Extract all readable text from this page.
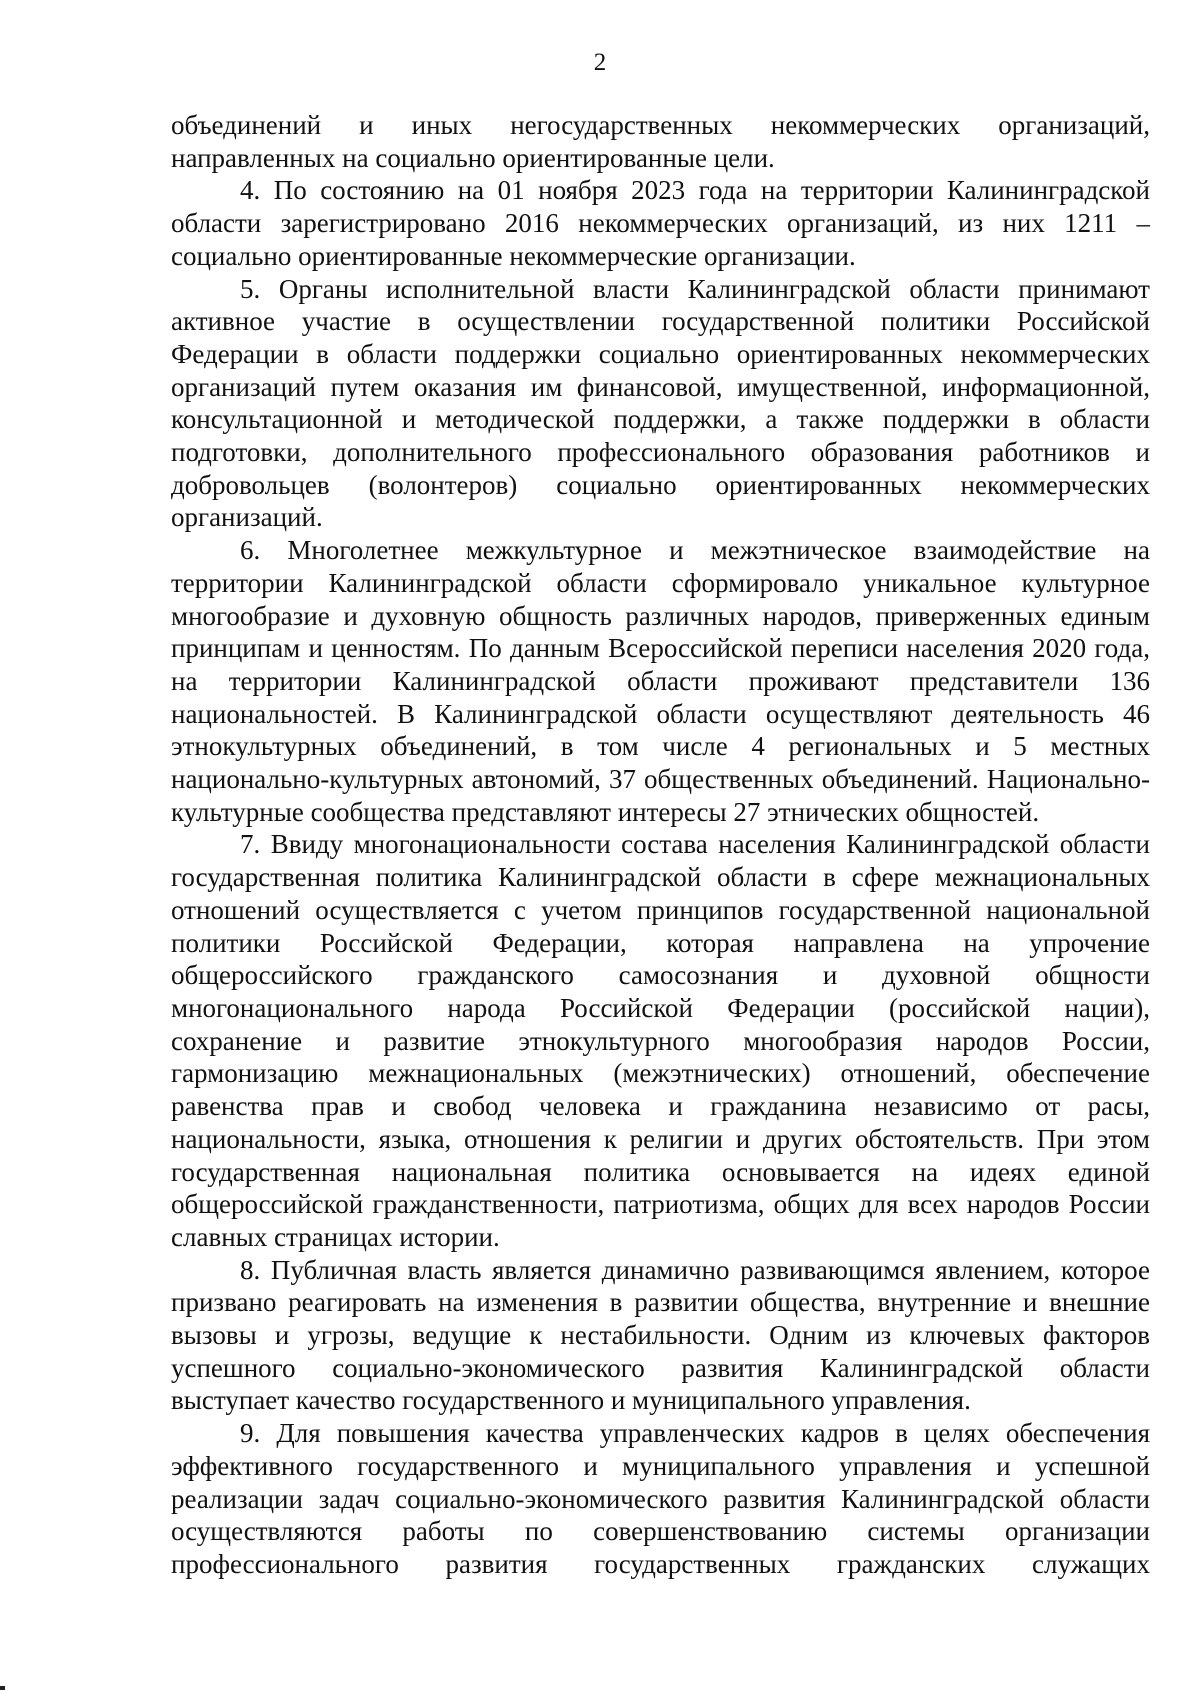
2

объединений и иных негосударственных некоммерческих организаций, направленных на социально ориентированные цели.

4. По состоянию на 01 ноября 2023 года на территории Калининградской области зарегистрировано 2016 некоммерческих организаций, из них 1211 – социально ориентированные некоммерческие организации.

5. Органы исполнительной власти Калининградской области принимают активное участие в осуществлении государственной политики Российской Федерации в области поддержки социально ориентированных некоммерческих организаций путем оказания им финансовой, имущественной, информационной, консультационной и методической поддержки, а также поддержки в области подготовки, дополнительного профессионального образования работников и добровольцев (волонтеров) социально ориентированных некоммерческих организаций.

6. Многолетнее межкультурное и межэтническое взаимодействие на территории Калининградской области сформировало уникальное культурное многообразие и духовную общность различных народов, приверженных единым принципам и ценностям. По данным Всероссийской переписи населения 2020 года, на территории Калининградской области проживают представители 136 национальностей. В Калининградской области осуществляют деятельность 46 этнокультурных объединений, в том числе 4 региональных и 5 местных национально-культурных автономий, 37 общественных объединений. Национально-культурные сообщества представляют интересы 27 этнических общностей.

7. Ввиду многонациональности состава населения Калининградской области государственная политика Калининградской области в сфере межнациональных отношений осуществляется с учетом принципов государственной национальной политики Российской Федерации, которая направлена на упрочение общероссийского гражданского самосознания и духовной общности многонационального народа Российской Федерации (российской нации), сохранение и развитие этнокультурного многообразия народов России, гармонизацию межнациональных (межэтнических) отношений, обеспечение равенства прав и свобод человека и гражданина независимо от расы, национальности, языка, отношения к религии и других обстоятельств. При этом государственная национальная политика основывается на идеях единой общероссийской гражданственности, патриотизма, общих для всех народов России славных страницах истории.

8. Публичная власть является динамично развивающимся явлением, которое призвано реагировать на изменения в развитии общества, внутренние и внешние вызовы и угрозы, ведущие к нестабильности. Одним из ключевых факторов успешного социально-экономического развития Калининградской области выступает качество государственного и муниципального управления.

9. Для повышения качества управленческих кадров в целях обеспечения эффективного государственного и муниципального управления и успешной реализации задач социально-экономического развития Калининградской области осуществляются работы по совершенствованию системы организации профессионального развития государственных гражданских служащих
